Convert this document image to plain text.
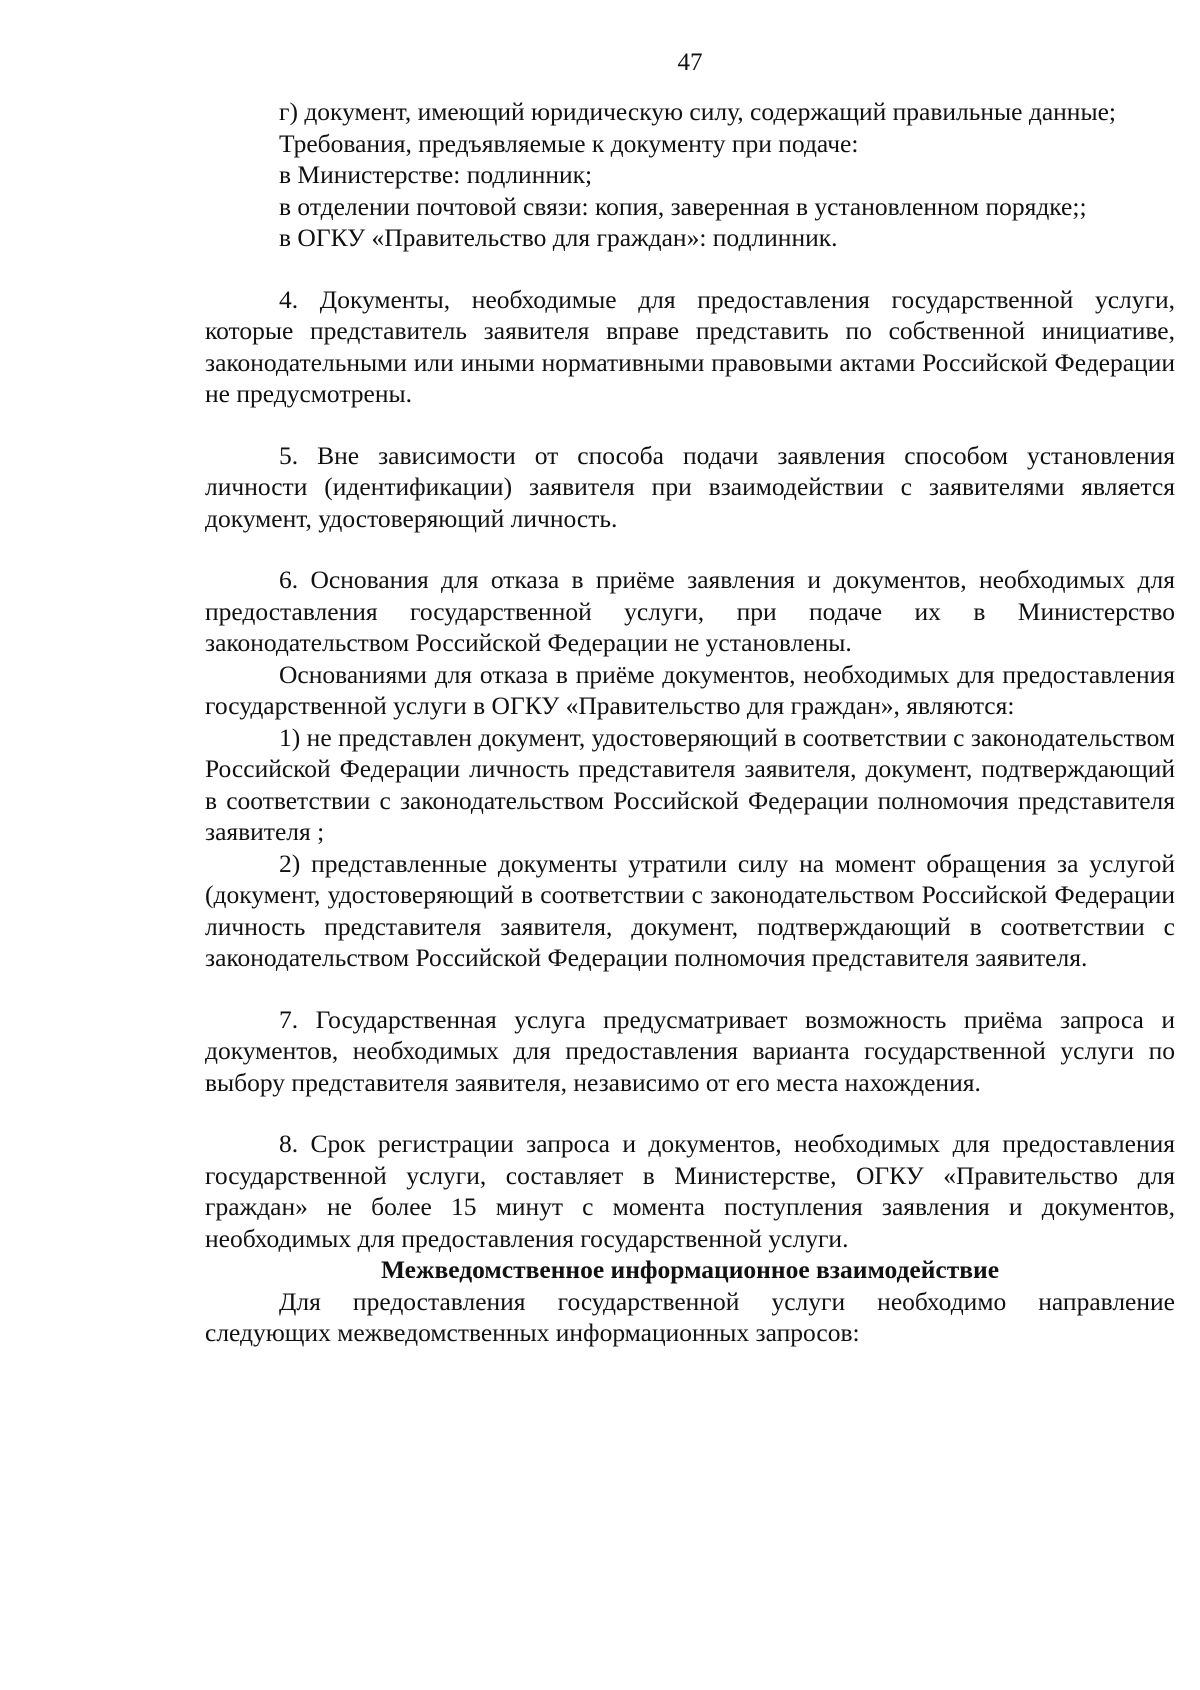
47

г) документ, имеющий юридическую силу, содержащий правильные данные;

Требования, предъявляемые к документу при подаче:

в Министерстве: подлинник;

в отделении почтовой связи: копия, заверенная в установленном порядке;;

в ОГКУ «Правительство для граждан»: подлинник.

4. Документы, необходимые для предоставления государственной услуги, которые представитель заявителя вправе представить по собственной инициативе, законодательными или иными нормативными правовыми актами Российской Федерации не предусмотрены.

5. Вне зависимости от способа подачи заявления способом установления личности (идентификации) заявителя при взаимодействии с заявителями является документ, удостоверяющий личность.

6. Основания для отказа в приёме заявления и документов, необходимых для предоставления государственной услуги, при подаче их в Министерство законодательством Российской Федерации не установлены.

Основаниями для отказа в приёме документов, необходимых для предоставления государственной услуги в ОГКУ «Правительство для граждан», являются:

1) не представлен документ, удостоверяющий в соответствии с законодательством Российской Федерации личность представителя заявителя, документ, подтверждающий в соответствии с законодательством Российской Федерации полномочия представителя заявителя ;

2) представленные документы утратили силу на момент обращения за услугой (документ, удостоверяющий в соответствии с законодательством Российской Федерации личность представителя заявителя, документ, подтверждающий в соответствии с законодательством Российской Федерации полномочия представителя заявителя.

7. Государственная услуга предусматривает возможность приёма запроса и документов, необходимых для предоставления варианта государственной услуги по выбору представителя заявителя, независимо от его места нахождения.

8. Срок регистрации запроса и документов, необходимых для предоставления государственной услуги, составляет в Министерстве, ОГКУ «Правительство для граждан» не более 15 минут с момента поступления заявления и документов, необходимых для предоставления государственной услуги.

Межведомственное информационное взаимодействие

Для предоставления государственной услуги необходимо направление следующих межведомственных информационных запросов:
